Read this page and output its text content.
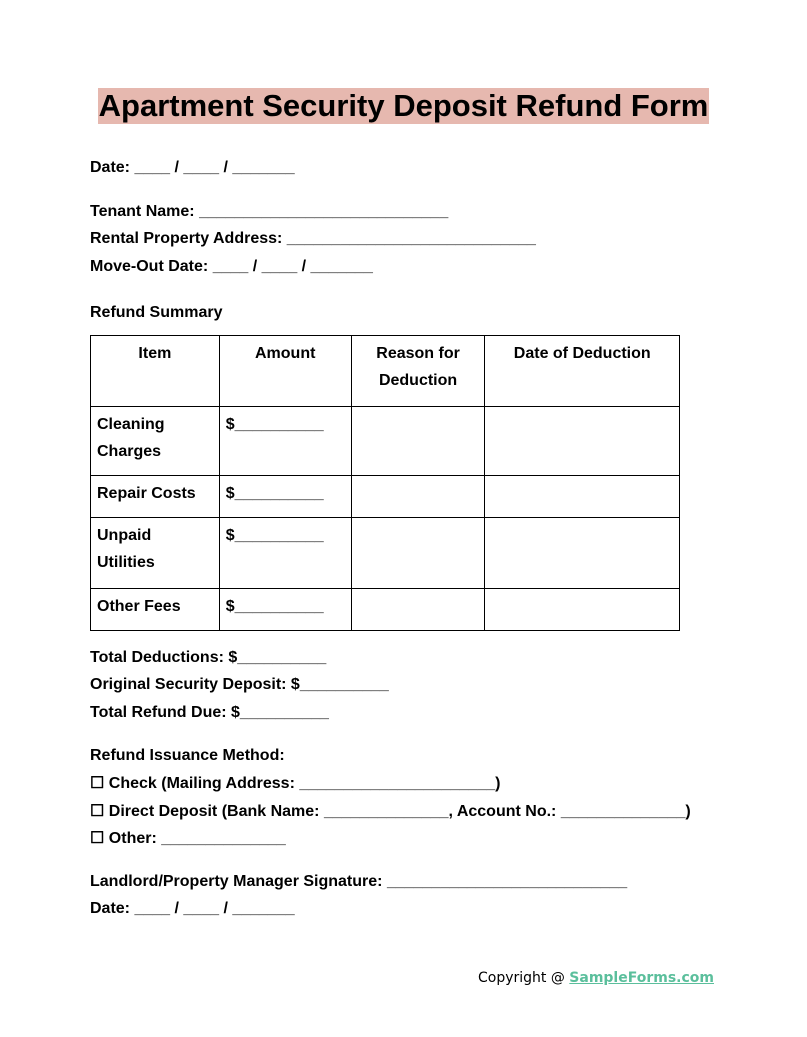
Apartment Security Deposit Refund Form
Date: ____ / ____ / _______
Tenant Name: ____________________________
Rental Property Address: ____________________________
Move-Out Date: ____ / ____ / _______
Refund Summary
Item	Amount	Reason for Deduction	Date of Deduction
Cleaning Charges	$__________		
Repair Costs	$__________		
Unpaid Utilities	$__________		
Other Fees	$__________		
Total Deductions: $__________
Original Security Deposit: $__________
Total Refund Due: $__________
Refund Issuance Method:
☐ Check (Mailing Address: ______________________)
☐ Direct Deposit (Bank Name: ______________, Account No.: ______________)
☐ Other: ______________
Landlord/Property Manager Signature: ___________________________
Date: ____ / ____ / _______
Copyright @ SampleForms.com
